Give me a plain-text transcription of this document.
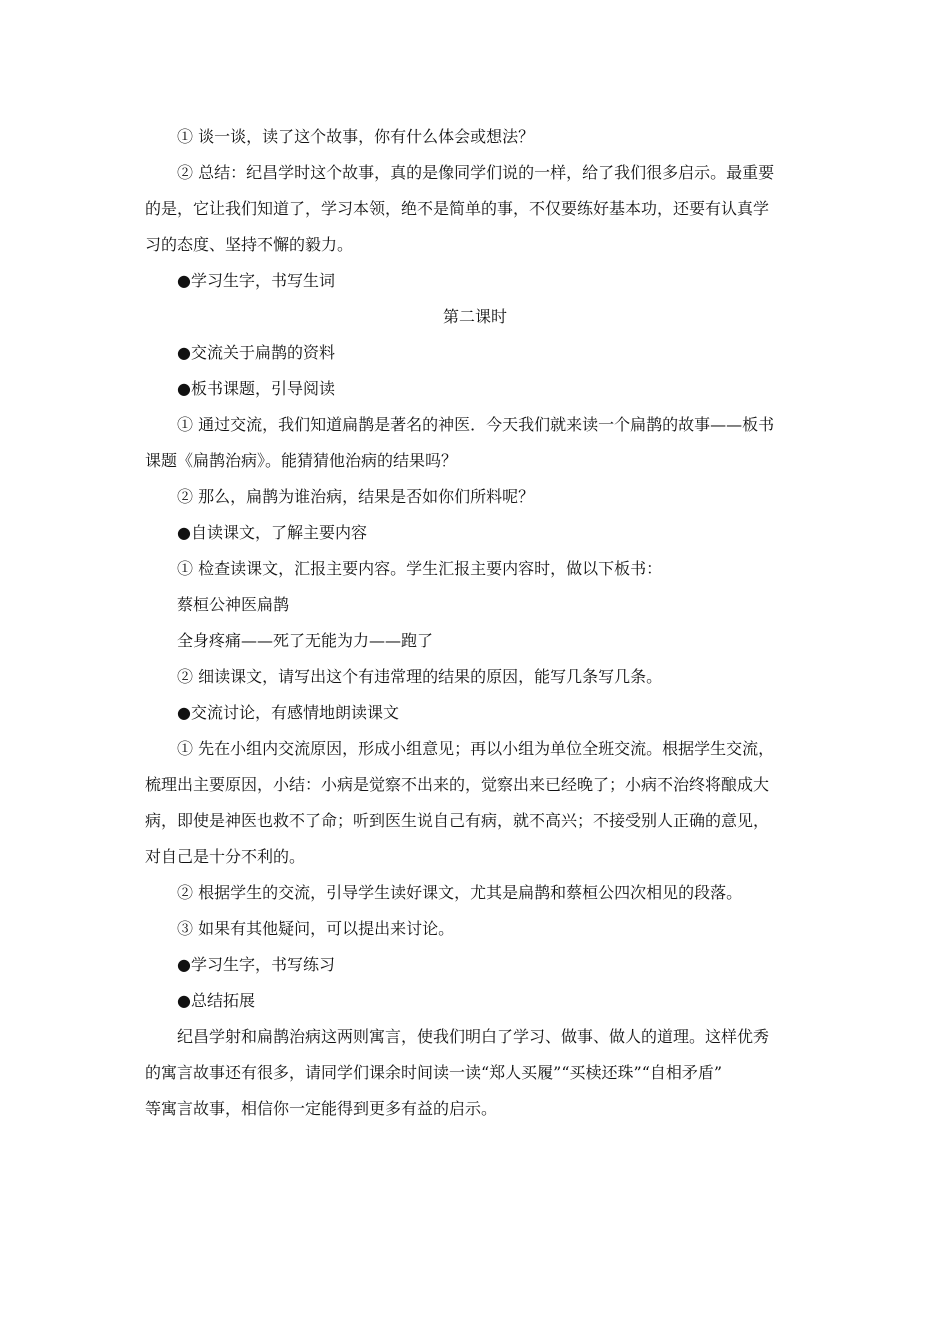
① 谈一谈，读了这个故事，你有什么体会或想法？
② 总结：纪昌学时这个故事，真的是像同学们说的一样，给了我们很多启示。最重要
的是，它让我们知道了，学习本领，绝不是简单的事，不仅要练好基本功，还要有认真学
习的态度、坚持不懈的毅力。
●学习生字，书写生词
第二课时
●交流关于扁鹊的资料
●板书课题，引导阅读
① 通过交流，我们知道扁鹊是著名的神医．今天我们就来读一个扁鹊的故事——板书
课题《扁鹊治病》。能猜猜他治病的结果吗？
② 那么，扁鹊为谁治病，结果是否如你们所料呢？
●自读课文，了解主要内容
① 检查读课文，汇报主要内容。学生汇报主要内容时，做以下板书：
蔡桓公神医扁鹊
全身疼痛——死了无能为力——跑了
② 细读课文，请写出这个有违常理的结果的原因，能写几条写几条。
●交流讨论，有感情地朗读课文
① 先在小组内交流原因，形成小组意见；再以小组为单位全班交流。根据学生交流，
梳理出主要原因，小结：小病是觉察不出来的，觉察出来已经晚了；小病不治终将酿成大
病，即使是神医也救不了命；听到医生说自己有病，就不高兴；不接受别人正确的意见，
对自己是十分不利的。
② 根据学生的交流，引导学生读好课文，尤其是扁鹊和蔡桓公四次相见的段落。
③ 如果有其他疑问，可以提出来讨论。
●学习生字，书写练习
●总结拓展
纪昌学射和扁鹊治病这两则寓言，使我们明白了学习、做事、做人的道理。这样优秀
的寓言故事还有很多，请同学们课余时间读一读“郑人买履”“买椟还珠”“自相矛盾”
等寓言故事，相信你一定能得到更多有益的启示。
